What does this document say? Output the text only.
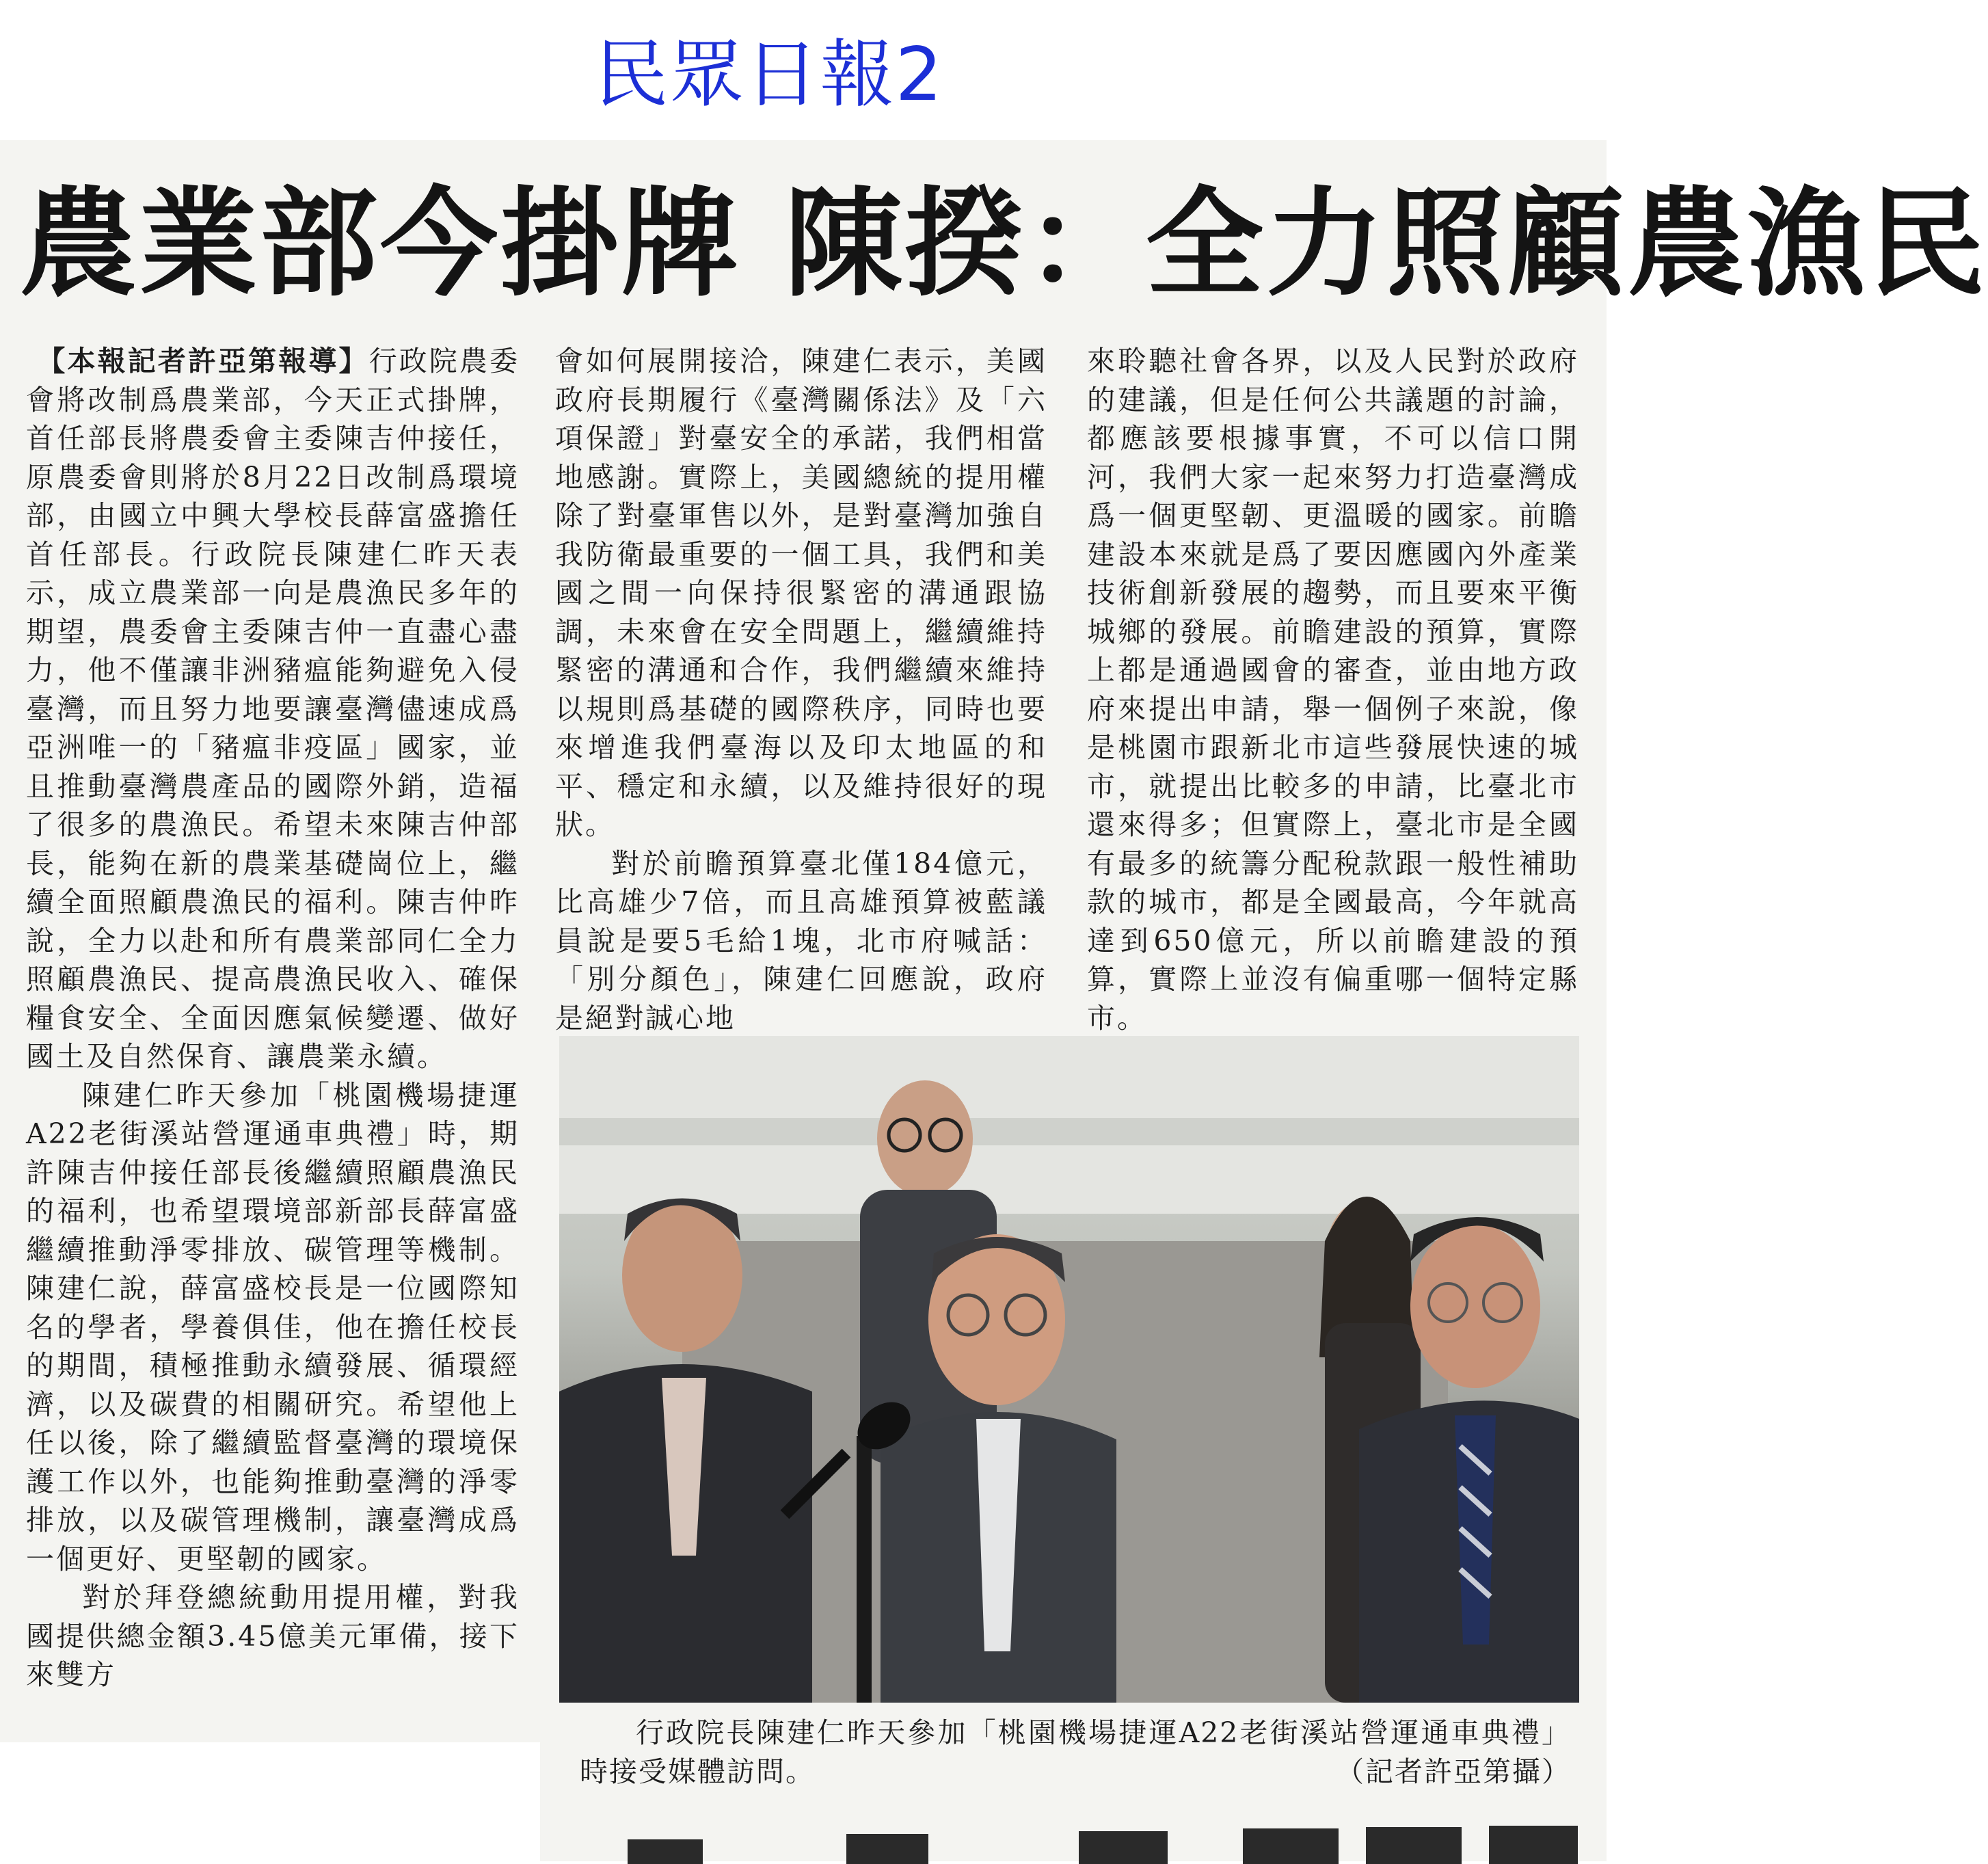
民眾日報2
農業部今掛牌 陳揆：全力照顧農漁民

【本報記者許亞第報導】行政院農委會將改制爲農業部，今天正式掛牌，首任部長將農委會主委陳吉仲接任，原農委會則將於8月22日改制爲環境部，由國立中興大學校長薛富盛擔任首任部長。行政院長陳建仁昨天表示，成立農業部一向是農漁民多年的期望，農委會主委陳吉仲一直盡心盡力，他不僅讓非洲豬瘟能夠避免入侵臺灣，而且努力地要讓臺灣儘速成爲亞洲唯一的「豬瘟非疫區」國家，並且推動臺灣農產品的國際外銷，造福了很多的農漁民。希望未來陳吉仲部長，能夠在新的農業基礎崗位上，繼續全面照顧農漁民的福利。陳吉仲昨說，全力以赴和所有農業部同仁全力照顧農漁民、提高農漁民收入、確保糧食安全、全面因應氣候變遷、做好國土及自然保育、讓農業永續。

陳建仁昨天參加「桃園機場捷運A22老街溪站營運通車典禮」時，期許陳吉仲接任部長後繼續照顧農漁民的福利，也希望環境部新部長薛富盛繼續推動淨零排放、碳管理等機制。陳建仁說，薛富盛校長是一位國際知名的學者，學養俱佳，他在擔任校長的期間，積極推動永續發展、循環經濟，以及碳費的相關研究。希望他上任以後，除了繼續監督臺灣的環境保護工作以外，也能夠推動臺灣的淨零排放，以及碳管理機制，讓臺灣成爲一個更好、更堅韌的國家。

對於拜登總統動用提用權，對我國提供總金額3.45億美元軍備，接下來雙方

會如何展開接洽，陳建仁表示，美國政府長期履行《臺灣關係法》及「六項保證」對臺安全的承諾，我們相當地感謝。實際上，美國總統的提用權除了對臺軍售以外，是對臺灣加強自我防衛最重要的一個工具，我們和美國之間一向保持很緊密的溝通跟協調，未來會在安全問題上，繼續維持緊密的溝通和合作，我們繼續來維持以規則爲基礎的國際秩序，同時也要來增進我們臺海以及印太地區的和平、穩定和永續，以及維持很好的現狀。

對於前瞻預算臺北僅184億元，比高雄少7倍，而且高雄預算被藍議員說是要5毛給1塊，北市府喊話：「別分顏色」，陳建仁回應說，政府是絕對誠心地

來聆聽社會各界，以及人民對於政府的建議，但是任何公共議題的討論，都應該要根據事實，不可以信口開河，我們大家一起來努力打造臺灣成爲一個更堅韌、更溫暖的國家。前瞻建設本來就是爲了要因應國內外產業技術創新發展的趨勢，而且要來平衡城鄉的發展。前瞻建設的預算，實際上都是通過國會的審查，並由地方政府來提出申請，舉一個例子來說，像是桃園市跟新北市這些發展快速的城市，就提出比較多的申請，比臺北市還來得多；但實際上，臺北市是全國有最多的統籌分配稅款跟一般性補助款的城市，都是全國最高，今年就高達到650億元，所以前瞻建設的預算，實際上並沒有偏重哪一個特定縣市。

行政院長陳建仁昨天參加「桃園機場捷運A22老街溪站營運通車典禮」時接受媒體訪問。	（記者許亞第攝）
